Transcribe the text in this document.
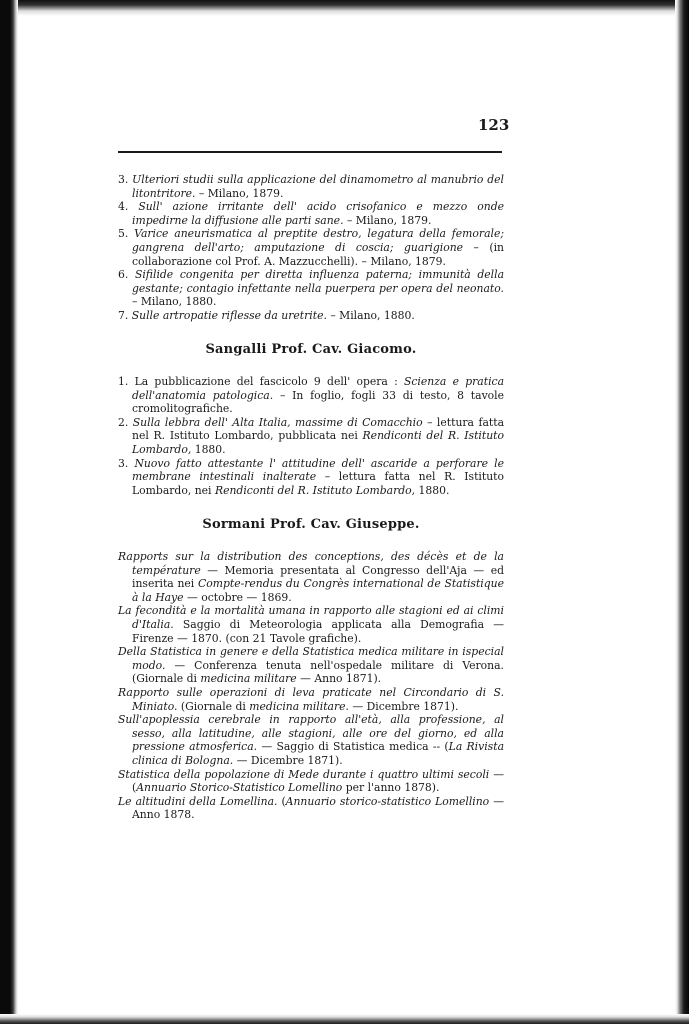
123

3. Ulteriori studii sulla applicazione del dinamometro al manubrio del litontritore. – Milano, 1879.

4. Sull' azione irritante dell' acido crisofanico e mezzo onde impedirne la diffusione alle parti sane. – Milano, 1879.

5. Varice aneurismatica al preptite destro, legatura della femorale; gangrena dell'arto; amputazione di coscia; guarigione – (in collaborazione col Prof. A. Mazzucchelli). – Milano, 1879.

6. Sifilide congenita per diretta influenza paterna; immunità della gestante; contagio infettante nella puerpera per opera del neonato. – Milano, 1880.

7. Sulle artropatie riflesse da uretrite. – Milano, 1880.

Sangalli Prof. Cav. Giacomo.

1. La pubblicazione del fascicolo 9 dell' opera : Scienza e pratica dell'anatomia patologica. – In foglio, fogli 33 di testo, 8 tavole cromolitografiche.

2. Sulla lebbra dell' Alta Italia, massime di Comacchio – lettura fatta nel R. Istituto Lombardo, pubblicata nei Rendiconti del R. Istituto Lombardo, 1880.

3. Nuovo fatto attestante l' attitudine dell' ascaride a perforare le membrane intestinali inalterate – lettura fatta nel R. Istituto Lombardo, nei Rendiconti del R. Istituto Lombardo, 1880.

Sormani Prof. Cav. Giuseppe.

Rapports sur la distribution des conceptions, des décès et de la température — Memoria presentata al Congresso dell'Aja — ed inserita nei Compte-rendus du Congrès international de Statistique à la Haye — octobre — 1869.

La fecondità e la mortalità umana in rapporto alle stagioni ed ai climi d'Italia. Saggio di Meteorologia applicata alla Demografia — Firenze — 1870. (con 21 Tavole grafiche).

Della Statistica in genere e della Statistica medica militare in ispecial modo. — Conferenza tenuta nell'ospedale militare di Verona. (Giornale di medicina militare — Anno 1871).

Rapporto sulle operazioni di leva praticate nel Circondario di S. Miniato. (Giornale di medicina militare. — Dicembre 1871).

Sull'apoplessia cerebrale in rapporto all'età, alla professione, al sesso, alla latitudine, alle stagioni, alle ore del giorno, ed alla pressione atmosferica. — Saggio di Statistica medica -- (La Rivista clinica di Bologna. — Dicembre 1871).

Statistica della popolazione di Mede durante i quattro ultimi secoli — (Annuario Storico-Statistico Lomellino per l'anno 1878).

Le altitudini della Lomellina. (Annuario storico-statistico Lomellino — Anno 1878.
